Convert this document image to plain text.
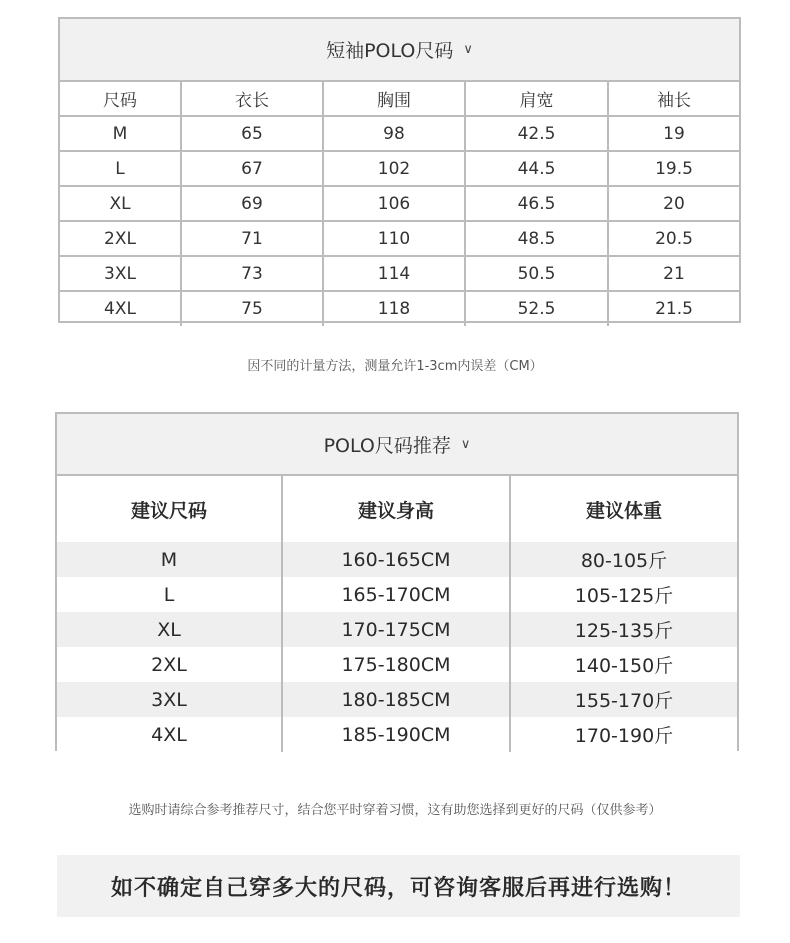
短袖POLO尺码 ∨
尺码	衣长	胸围	肩宽	袖长
M	65	98	42.5	19
L	67	102	44.5	19.5
XL	69	106	46.5	20
2XL	71	110	48.5	20.5
3XL	73	114	50.5	21
4XL	75	118	52.5	21.5
因不同的计量方法，测量允许1-3cm内误差（CM）
POLO尺码推荐 ∨
建议尺码	建议身高	建议体重
M	160-165CM	80-105斤
L	165-170CM	105-125斤
XL	170-175CM	125-135斤
2XL	175-180CM	140-150斤
3XL	180-185CM	155-170斤
4XL	185-190CM	170-190斤
选购时请综合参考推荐尺寸，结合您平时穿着习惯，这有助您选择到更好的尺码（仅供参考）
如不确定自己穿多大的尺码，可咨询客服后再进行选购！
